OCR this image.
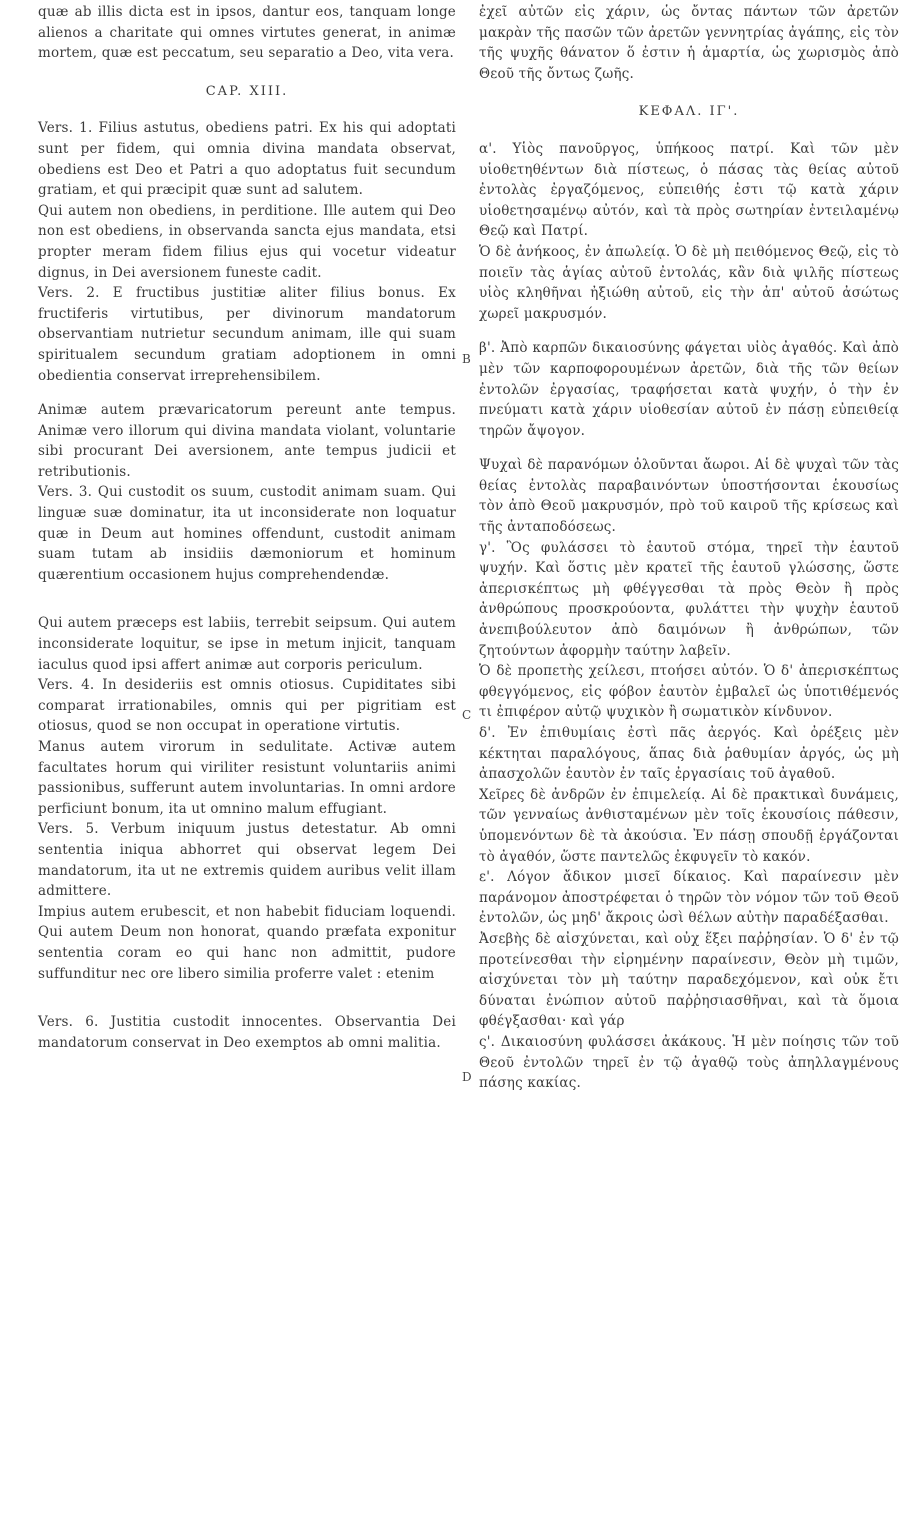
quæ ab illis dicta est in ipsos, dantur eos, tanquam longe alienos a charitate qui omnes virtutes generat, in animæ mortem, quæ est peccatum, seu separatio a Deo, vita vera.

CAP. XIII.

Vers. 1. Filius astutus, obediens patri. Ex his qui adoptati sunt per fidem, qui omnia divina mandata observat, obediens est Deo et Patri a quo adoptatus fuit secundum gratiam, et qui præcipit quæ sunt ad salutem.

Qui autem non obediens, in perditione. Ille autem qui Deo non est obediens, in observanda sancta ejus mandata, etsi propter meram fidem filius ejus qui vocetur videatur dignus, in Dei aversionem funeste cadit.

Vers. 2. E fructibus justitiæ aliter filius bonus. Ex fructiferis virtutibus, per divinorum mandatorum observantiam nutrietur secundum animam, ille qui suam spiritualem secundum gratiam adoptionem in omni obedientia conservat irreprehensibilem.

Animæ autem prævaricatorum pereunt ante tempus. Animæ vero illorum qui divina mandata violant, voluntarie sibi procurant Dei aversionem, ante tempus judicii et retributionis.

Vers. 3. Qui custodit os suum, custodit animam suam. Qui linguæ suæ dominatur, ita ut inconsiderate non loquatur quæ in Deum aut homines offendunt, custodit animam suam tutam ab insidiis dæmoniorum et hominum quærentium occasionem hujus comprehendendæ.

Qui autem præceps est labiis, terrebit seipsum. Qui autem inconsiderate loquitur, se ipse in metum injicit, tanquam iaculus quod ipsi affert animæ aut corporis periculum.

Vers. 4. In desideriis est omnis otiosus. Cupiditates sibi comparat irrationabiles, omnis qui per pigritiam est otiosus, quod se non occupat in operatione virtutis.

Manus autem virorum in sedulitate. Activæ autem facultates horum qui viriliter resistunt voluntariis animi passionibus, sufferunt autem involuntarias. In omni ardore perficiunt bonum, ita ut omnino malum effugiant.

Vers. 5. Verbum iniquum justus detestatur. Ab omni sententia iniqua abhorret qui observat legem Dei mandatorum, ita ut ne extremis quidem auribus velit illam admittere.

Impius autem erubescit, et non habebit fiduciam loquendi. Qui autem Deum non honorat, quando præfata exponitur sententia coram eo qui hanc non admittit, pudore suffunditur nec ore libero similia proferre valet : etenim

Vers. 6. Justitia custodit innocentes. Observantia Dei mandatorum conservat in Deo exemptos ab omni malitia.

ἐχεῖ αὐτῶν εἰς χάριν, ὡς ὄντας πάντων τῶν ἀρετῶν μακρὰν τῆς πασῶν τῶν ἀρετῶν γεννητρίας ἀγάπης, εἰς τὸν τῆς ψυχῆς θάνατον ὅ ἐστιν ἡ ἁμαρτία, ὡς χωρισμὸς ἀπὸ Θεοῦ τῆς ὄντως ζωῆς.

ΚΕΦΑΛ. ΙΓ'.

α'. Υἱὸς πανοῦργος, ὑπήκοος πατρί. Καὶ τῶν μὲν υἱοθετηθέντων διὰ πίστεως, ὁ πάσας τὰς θείας αὐτοῦ ἐντολὰς ἐργαζόμενος, εὐπειθής ἐστι τῷ κατὰ χάριν υἱοθετησαμένῳ αὐτόν, καὶ τὰ πρὸς σωτηρίαν ἐντειλαμένῳ Θεῷ καὶ Πατρί.

Ὁ δὲ ἀνήκοος, ἐν ἀπωλείᾳ. Ὁ δὲ μὴ πειθόμενος Θεῷ, εἰς τὸ ποιεῖν τὰς ἁγίας αὐτοῦ ἐντολάς, κἂν διὰ ψιλῆς πίστεως υἱὸς κληθῆναι ἠξιώθη αὐτοῦ, εἰς τὴν ἀπ' αὐτοῦ ἀσώτως χωρεῖ μακρυσμόν.

β'. Ἀπὸ καρπῶν δικαιοσύνης φάγεται υἱὸς ἀγαθός. Καὶ ἀπὸ μὲν τῶν καρποφορουμένων ἀρετῶν, διὰ τῆς τῶν θείων ἐντολῶν ἐργασίας, τραφήσεται κατὰ ψυχήν, ὁ τὴν ἐν πνεύματι κατὰ χάριν υἱοθεσίαν αὐτοῦ ἐν πάσῃ εὐπειθείᾳ τηρῶν ἄψογον.

Ψυχαὶ δὲ παρανόμων ὀλοῦνται ἄωροι. Αἱ δὲ ψυχαὶ τῶν τὰς θείας ἐντολὰς παραβαινόντων ὑποστήσονται ἑκουσίως τὸν ἀπὸ Θεοῦ μακρυσμόν, πρὸ τοῦ καιροῦ τῆς κρίσεως καὶ τῆς ἀνταποδόσεως.

γ'. Ὃς φυλάσσει τὸ ἑαυτοῦ στόμα, τηρεῖ τὴν ἑαυτοῦ ψυχήν. Καὶ ὅστις μὲν κρατεῖ τῆς ἑαυτοῦ γλώσσης, ὥστε ἀπερισκέπτως μὴ φθέγγεσθαι τὰ πρὸς Θεὸν ἢ πρὸς ἀνθρώπους προσκρούοντα, φυλάττει τὴν ψυχὴν ἑαυτοῦ ἀνεπιβούλευτον ἀπὸ δαιμόνων ἢ ἀνθρώπων, τῶν ζητούντων ἀφορμὴν ταύτην λαβεῖν.

Ὁ δὲ προπετὴς χείλεσι, πτοήσει αὐτόν. Ὁ δ' ἀπερισκέπτως φθεγγόμενος, εἰς φόβον ἑαυτὸν ἐμβαλεῖ ὡς ὑποτιθέμενός τι ἐπιφέρον αὐτῷ ψυχικὸν ἢ σωματικὸν κίνδυνον.

δ'. Ἐν ἐπιθυμίαις ἐστὶ πᾶς ἀεργός. Καὶ ὀρέξεις μὲν κέκτηται παραλόγους, ἅπας διὰ ῥαθυμίαν ἀργός, ὡς μὴ ἀπασχολῶν ἑαυτὸν ἐν ταῖς ἐργασίαις τοῦ ἀγαθοῦ.

Χεῖρες δὲ ἀνδρῶν ἐν ἐπιμελείᾳ. Αἱ δὲ πρακτικαὶ δυνάμεις, τῶν γενναίως ἀνθισταμένων μὲν τοῖς ἑκουσίοις πάθεσιν, ὑπομενόντων δὲ τὰ ἀκούσια. Ἐν πάσῃ σπουδῇ ἐργάζονται τὸ ἀγαθόν, ὥστε παντελῶς ἐκφυγεῖν τὸ κακόν.

ε'. Λόγον ἄδικον μισεῖ δίκαιος. Καὶ παραίνεσιν μὲν παράνομον ἀποστρέφεται ὁ τηρῶν τὸν νόμον τῶν τοῦ Θεοῦ ἐντολῶν, ὡς μηδ' ἄκροις ὠσὶ θέλων αὐτὴν παραδέξασθαι.

Ἀσεβὴς δὲ αἰσχύνεται, καὶ οὐχ ἕξει παῤῥησίαν. Ὁ δ' ἐν τῷ προτείνεσθαι τὴν εἰρημένην παραίνεσιν, Θεὸν μὴ τιμῶν, αἰσχύνεται τὸν μὴ ταύτην παραδεχόμενον, καὶ οὐκ ἔτι δύναται ἐνώπιον αὐτοῦ παῤῥησιασθῆναι, καὶ τὰ ὅμοια φθέγξασθαι· καὶ γάρ

ς'. Δικαιοσύνη φυλάσσει ἀκάκους. Ἡ μὲν ποίησις τῶν τοῦ Θεοῦ ἐντολῶν τηρεῖ ἐν τῷ ἀγαθῷ τοὺς ἀπηλλαγμένους πάσης κακίας.

B
C
D
